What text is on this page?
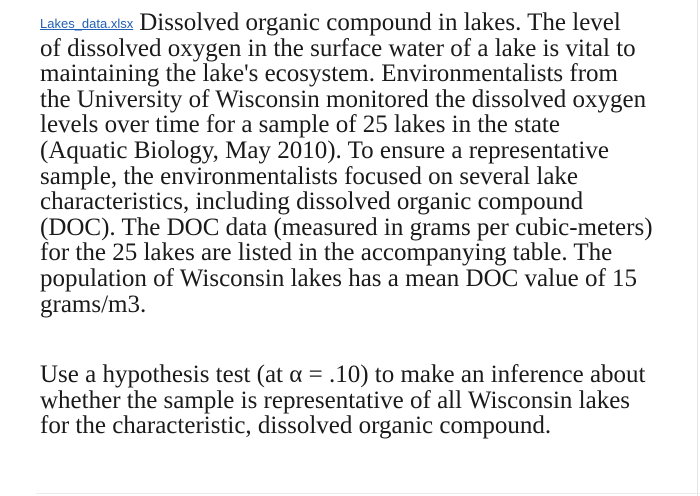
Lakes_data.xlsx Dissolved organic compound in lakes. The level
of dissolved oxygen in the surface water of a lake is vital to
maintaining the lake's ecosystem. Environmentalists from
the University of Wisconsin monitored the dissolved oxygen
levels over time for a sample of 25 lakes in the state
(Aquatic Biology, May 2010). To ensure a representative
sample, the environmentalists focused on several lake
characteristics, including dissolved organic compound
(DOC). The DOC data (measured in grams per cubic-meters)
for the 25 lakes are listed in the accompanying table. The
population of Wisconsin lakes has a mean DOC value of 15
grams/m3.

Use a hypothesis test (at α = .10) to make an inference about
whether the sample is representative of all Wisconsin lakes
for the characteristic, dissolved organic compound.
